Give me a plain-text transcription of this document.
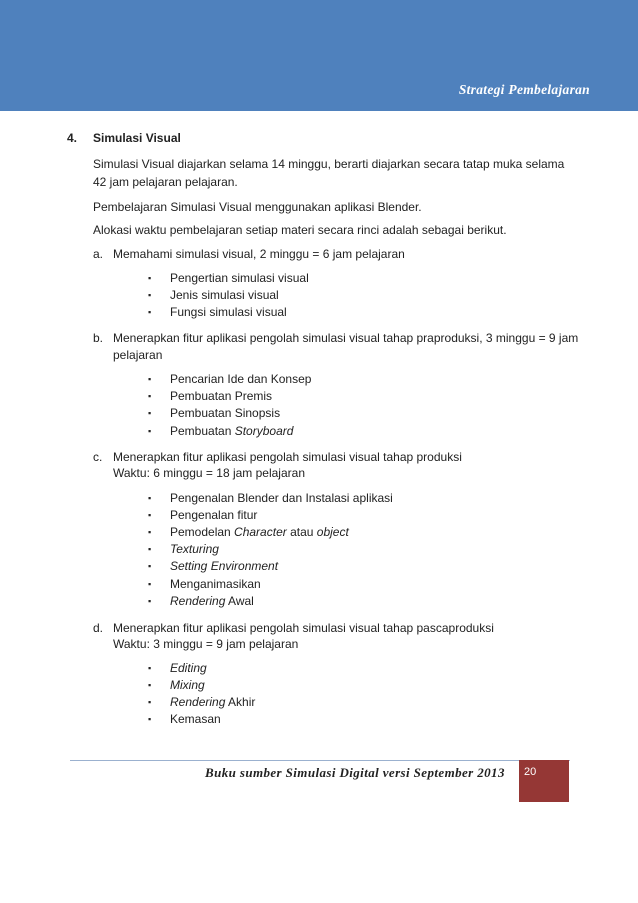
Strategi Pembelajaran
4. Simulasi Visual
Simulasi Visual diajarkan selama 14 minggu, berarti diajarkan secara tatap muka selama 42 jam pelajaran pelajaran.
Pembelajaran Simulasi Visual menggunakan aplikasi Blender.
Alokasi waktu pembelajaran setiap materi secara rinci adalah sebagai berikut.
a. Memahami simulasi visual, 2 minggu = 6 jam pelajaran
▪	Pengertian simulasi visual
▪	Jenis simulasi visual
▪	Fungsi simulasi visual
b. Menerapkan fitur aplikasi pengolah simulasi visual tahap praproduksi, 3 minggu = 9 jam
pelajaran
▪	Pencarian Ide dan Konsep
▪	Pembuatan Premis
▪	Pembuatan Sinopsis
▪	Pembuatan Storyboard
c. Menerapkan fitur aplikasi pengolah simulasi visual tahap produksi
Waktu: 6 minggu = 18 jam pelajaran
▪	Pengenalan Blender dan Instalasi aplikasi
▪	Pengenalan fitur
▪	Pemodelan Character atau object
▪	Texturing
▪	Setting Environment
▪	Menganimasikan
▪	Rendering Awal
d. Menerapkan fitur aplikasi pengolah simulasi visual tahap pascaproduksi
Waktu: 3 minggu = 9 jam pelajaran
▪	Editing
▪	Mixing
▪	Rendering Akhir
▪	Kemasan
Buku sumber Simulasi Digital versi September 2013 20
